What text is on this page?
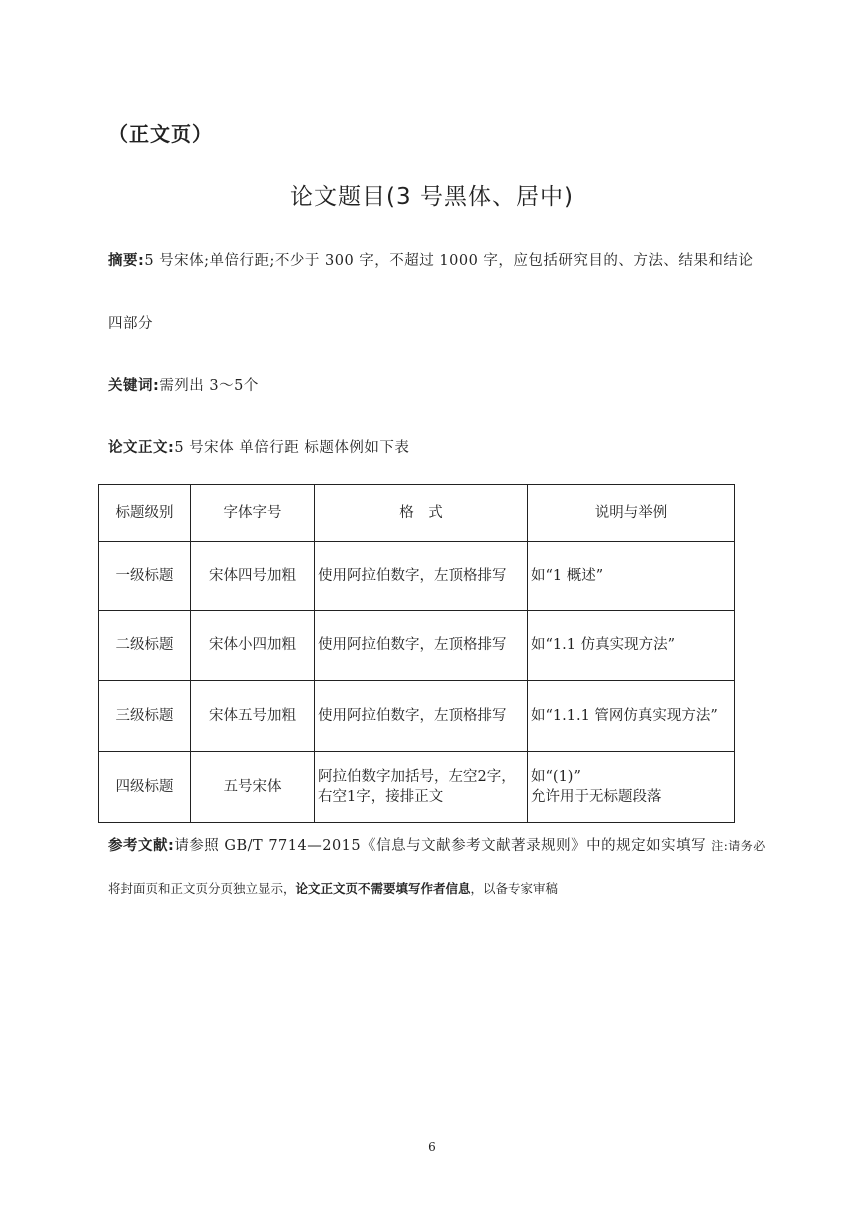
（正文页）
论文题目(3 号黑体、居中)
摘要:5 号宋体;单倍行距;不少于 300 字，不超过 1000 字，应包括研究目的、方法、结果和结论
四部分
关键词:需列出 3～5个
论文正文:5 号宋体 单倍行距 标题体例如下表
标题级别	字体字号	格　式	说明与举例
一级标题	宋体四号加粗	使用阿拉伯数字，左顶格排写	如“1 概述”
二级标题	宋体小四加粗	使用阿拉伯数字，左顶格排写	如“1.1 仿真实现方法”
三级标题	宋体五号加粗	使用阿拉伯数字，左顶格排写	如“1.1.1 管网仿真实现方法”
四级标题	五号宋体	阿拉伯数字加括号，左空2字，右空1字，接排正文	如“(1)”
允许用于无标题段落
参考文献:请参照 GB/T 7714—2015《信息与文献参考文献著录规则》中的规定如实填写 注:请务必
将封面页和正文页分页独立显示，论文正文页不需要填写作者信息，以备专家审稿
6
